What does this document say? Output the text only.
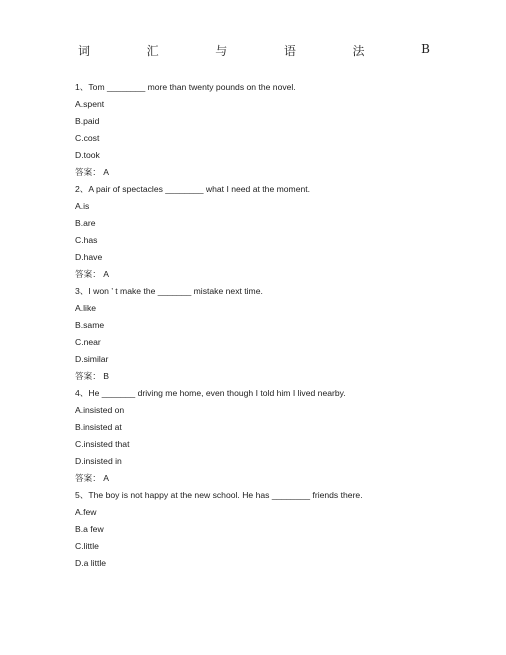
词	汇	与	语	法	B
1、Tom ________ more than twenty pounds on the novel.
A.spent
B.paid
C.cost
D.took
答案： A
2、A pair of spectacles ________ what I need at the moment.
A.is
B.are
C.has
D.have
答案： A
3、I won ’ t make the _______ mistake next time.
A.like
B.same
C.near
D.similar
答案： B
4、He _______ driving me home, even though I told him I lived nearby.
A.insisted on
B.insisted at
C.insisted that
D.insisted in
答案： A
5、The boy is not happy at the new school. He has ________ friends there.
A.few
B.a few
C.little
D.a little
